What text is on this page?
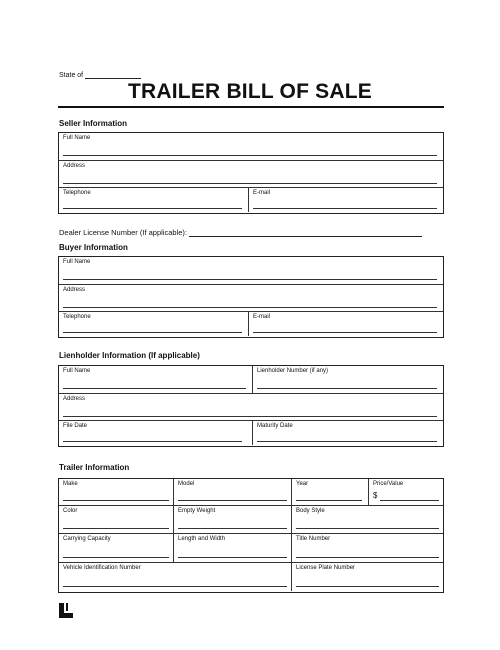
State of
TRAILER BILL OF SALE
Seller Information
Full Name
Address
Telephone	E-mail
Dealer License Number (If applicable):
Buyer Information
Full Name
Address
Telephone	E-mail
Lienholder Information (If applicable)
Full Name	Lienholder Number (if any)
Address
File Date	Maturity Date
Trailer Information
Make	Model	Year	Price/Value
$
Color	Empty Weight	Body Style
Carrying Capacity	Length and Width	Title Number
Vehicle Identification Number	License Plate Number
